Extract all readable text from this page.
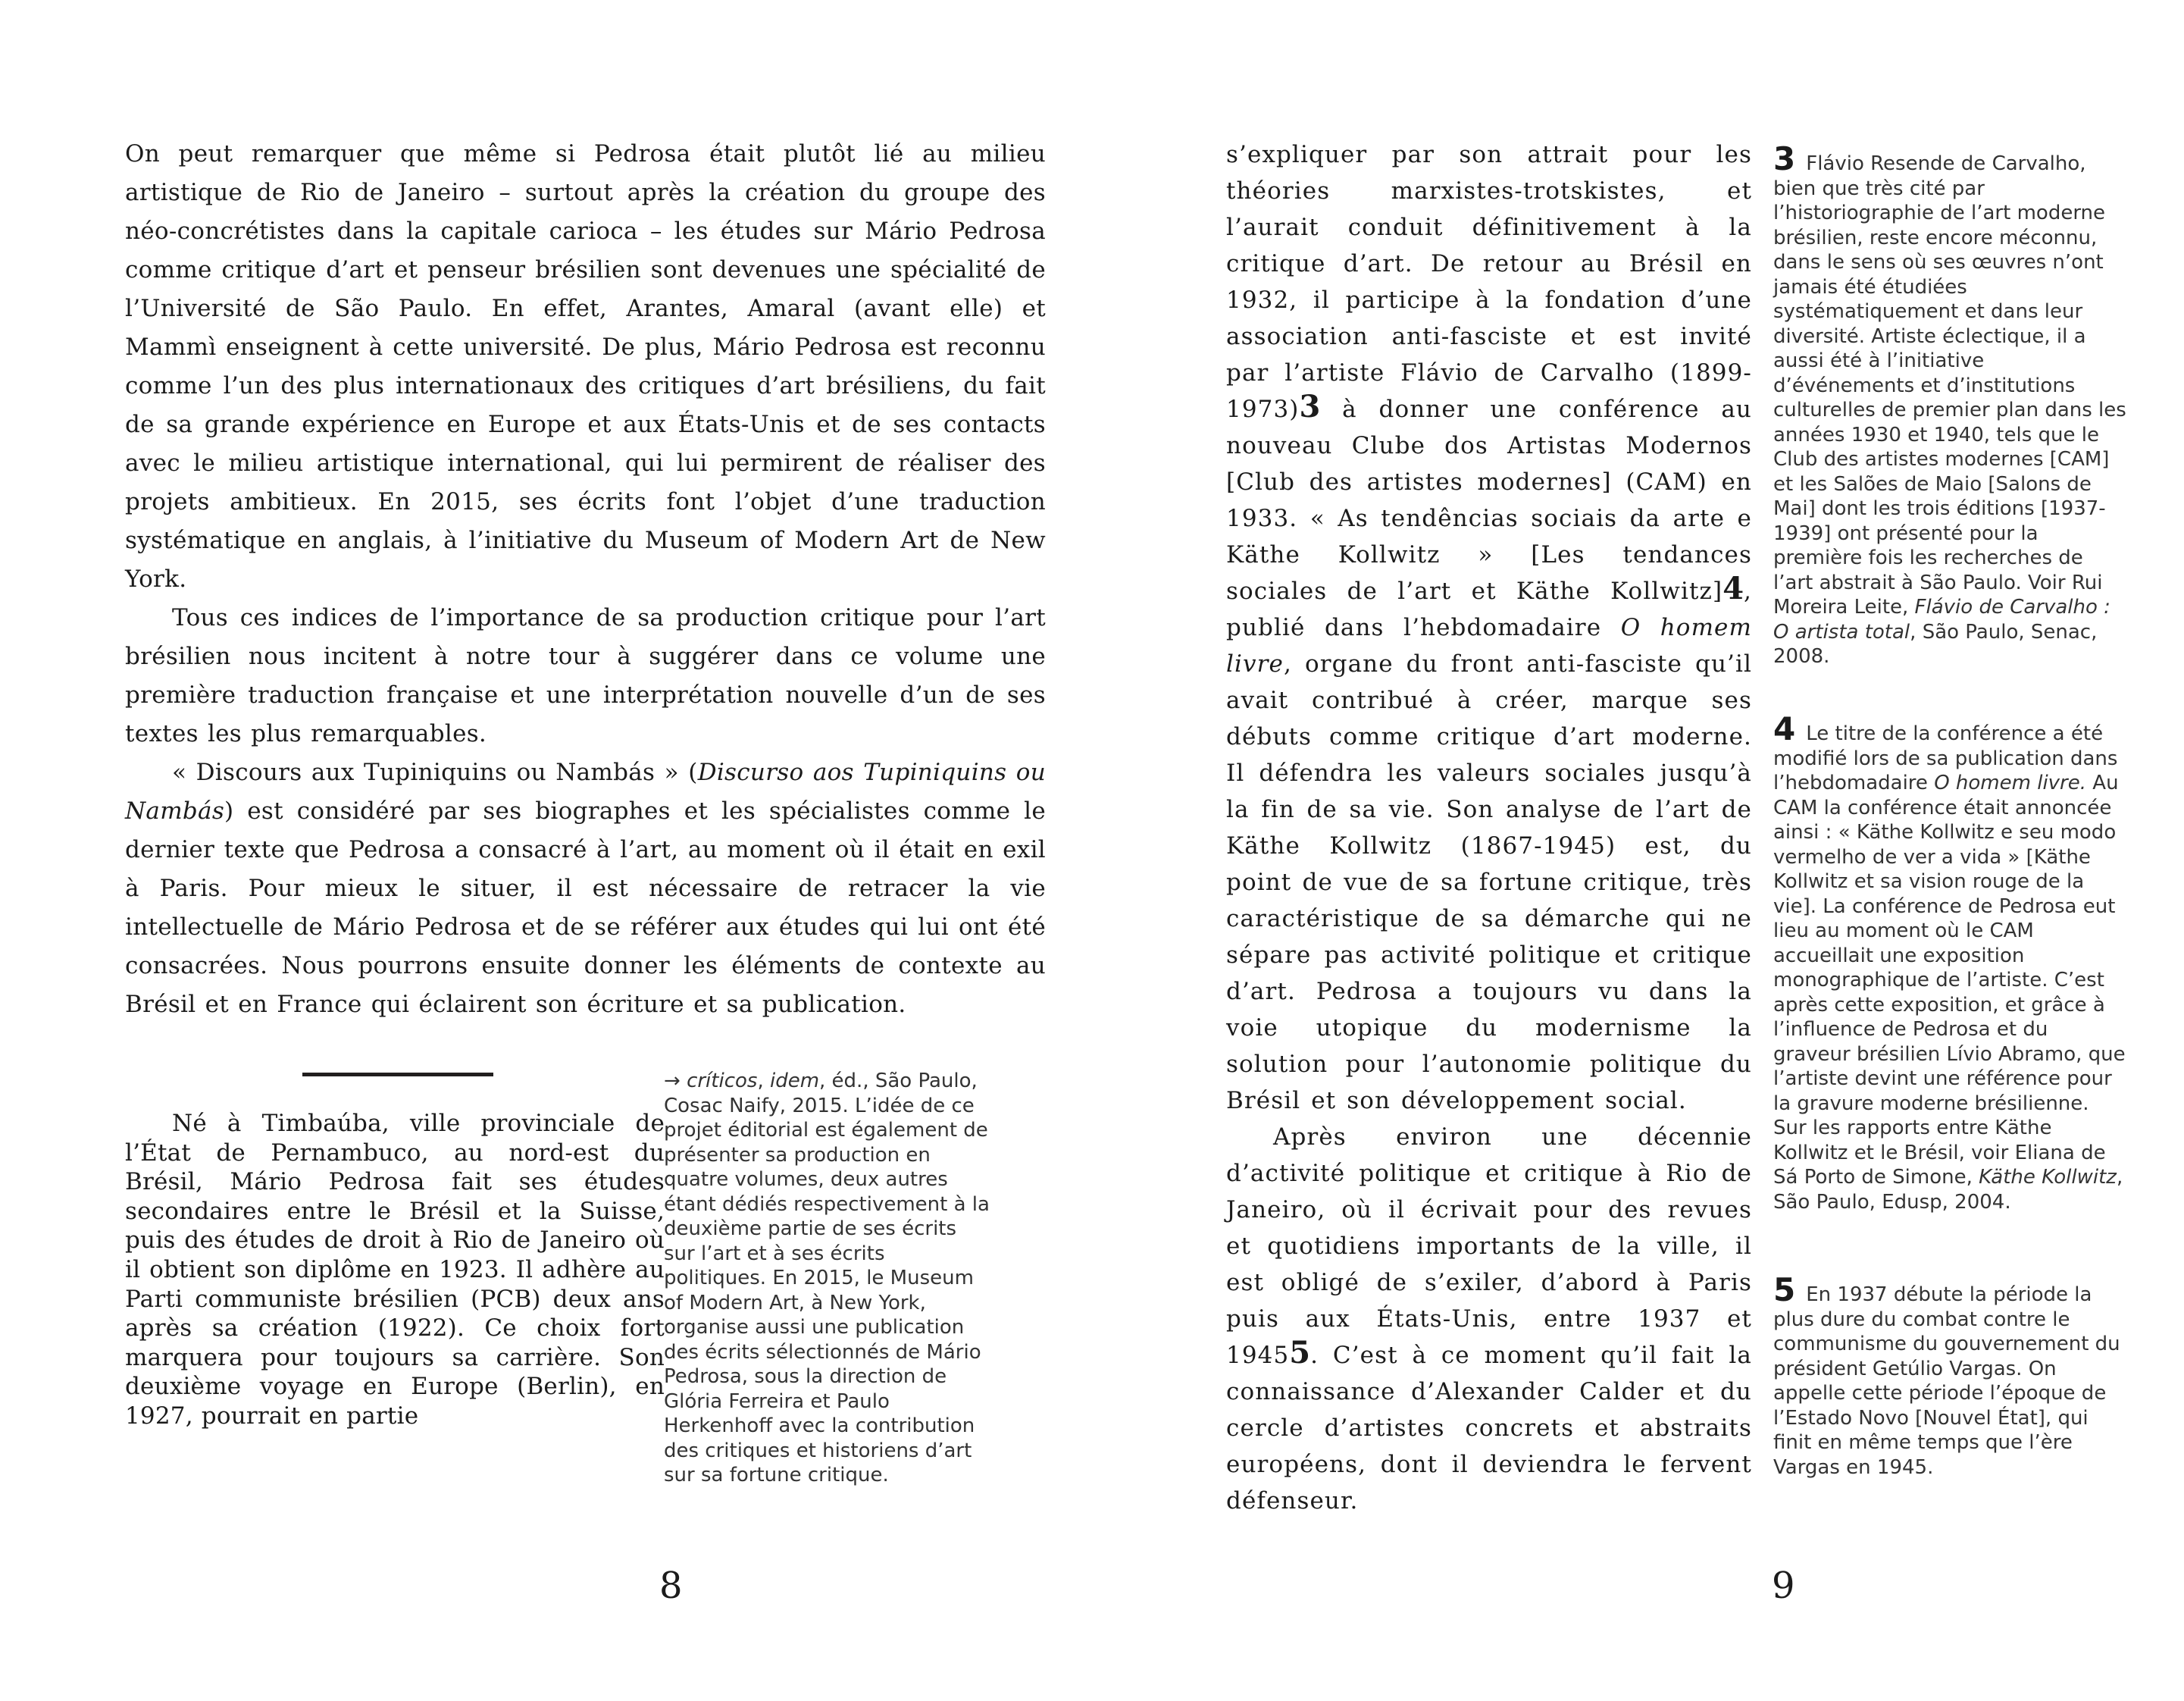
On peut remarquer que même si Pedrosa était plutôt lié au milieu artistique de Rio de Janeiro – surtout après la création du groupe des néo-concrétistes dans la capitale carioca – les études sur Mário Pedrosa comme critique d’art et penseur brésilien sont devenues une spécialité de l’Université de São Paulo. En effet, Arantes, Amaral (avant elle) et Mammì enseignent à cette université. De plus, Mário Pedrosa est reconnu comme l’un des plus internationaux des critiques d’art brésiliens, du fait de sa grande expérience en Europe et aux États-Unis et de ses contacts avec le milieu artistique international, qui lui permirent de réaliser des projets ambitieux. En 2015, ses écrits font l’objet d’une traduction systématique en anglais, à l’initiative du Museum of Modern Art de New York.

Tous ces indices de l’importance de sa production critique pour l’art brésilien nous incitent à notre tour à suggérer dans ce volume une première traduction française et une interprétation nouvelle d’un de ses textes les plus remarquables.

« Discours aux Tupiniquins ou Nambás » (Discurso aos Tupiniquins ou Nambás) est considéré par ses biographes et les spécialistes comme le dernier texte que Pedrosa a consacré à l’art, au moment où il était en exil à Paris. Pour mieux le situer, il est nécessaire de retracer la vie intellectuelle de Mário Pedrosa et de se référer aux études qui lui ont été consacrées. Nous pourrons ensuite donner les éléments de contexte au Brésil et en France qui éclairent son écriture et sa publication.

Né à Timbaúba, ville provinciale de l’État de Pernambuco, au nord-est du Brésil, Mário Pedrosa fait ses études secondaires entre le Brésil et la Suisse, puis des études de droit à Rio de Janeiro où il obtient son diplôme en 1923. Il adhère au Parti communiste brésilien (PCB) deux ans après sa création (1922). Ce choix fort marquera pour toujours sa carrière. Son deuxième voyage en Europe (Berlin), en 1927, pourrait en partie

→ críticos, idem, éd., São Paulo, Cosac Naify, 2015. L’idée de ce projet éditorial est également de présenter sa production en quatre volumes, deux autres étant dédiés respectivement à la deuxième partie de ses écrits sur l’art et à ses écrits politiques. En 2015, le Museum of Modern Art, à New York, organise aussi une publication des écrits sélectionnés de Mário Pedrosa, sous la direction de Glória Ferreira et Paulo Herkenhoff avec la contribution des critiques et historiens d’art sur sa fortune critique.

8

s’expliquer par son attrait pour les théories marxistes-trotskistes, et l’aurait conduit définitivement à la critique d’art. De retour au Brésil en 1932, il participe à la fondation d’une association anti-fasciste et est invité par l’artiste Flávio de Carvalho (1899-1973)3 à donner une conférence au nouveau Clube dos Artistas Modernos [Club des artistes modernes] (CAM) en 1933. « As tendências sociais da arte e Käthe Kollwitz » [Les tendances sociales de l’art et Käthe Kollwitz]4, publié dans l’hebdomadaire O homem livre, organe du front anti-fasciste qu’il avait contribué à créer, marque ses débuts comme critique d’art moderne. Il défendra les valeurs sociales jusqu’à la fin de sa vie. Son analyse de l’art de Käthe Kollwitz (1867-1945) est, du point de vue de sa fortune critique, très caractéristique de sa démarche qui ne sépare pas activité politique et critique d’art. Pedrosa a toujours vu dans la voie utopique du modernisme la solution pour l’autonomie politique du Brésil et son développement social.

Après environ une décennie d’activité politique et critique à Rio de Janeiro, où il écrivait pour des revues et quotidiens importants de la ville, il est obligé de s’exiler, d’abord à Paris puis aux États-Unis, entre 1937 et 19455. C’est à ce moment qu’il fait la connaissance d’Alexander Calder et du cercle d’artistes concrets et abstraits européens, dont il deviendra le fervent défenseur.

3 Flávio Resende de Carvalho, bien que très cité par l’historiographie de l’art moderne brésilien, reste encore méconnu, dans le sens où ses œuvres n’ont jamais été étudiées systématiquement et dans leur diversité. Artiste éclectique, il a aussi été à l’initiative d’événements et d’institutions culturelles de premier plan dans les années 1930 et 1940, tels que le Club des artistes modernes [CAM] et les Salões de Maio [Salons de Mai] dont les trois éditions [1937-1939] ont présenté pour la première fois les recherches de l’art abstrait à São Paulo. Voir Rui Moreira Leite, Flávio de Carvalho : O artista total, São Paulo, Senac, 2008.

4 Le titre de la conférence a été modifié lors de sa publication dans l’hebdomadaire O homem livre. Au CAM la conférence était annoncée ainsi : « Käthe Kollwitz e seu modo vermelho de ver a vida » [Käthe Kollwitz et sa vision rouge de la vie]. La conférence de Pedrosa eut lieu au moment où le CAM accueillait une exposition monographique de l’artiste. C’est après cette exposition, et grâce à l’influence de Pedrosa et du graveur brésilien Lívio Abramo, que l’artiste devint une référence pour la gravure moderne brésilienne. Sur les rapports entre Käthe Kollwitz et le Brésil, voir Eliana de Sá Porto de Simone, Käthe Kollwitz, São Paulo, Edusp, 2004.

5 En 1937 débute la période la plus dure du combat contre le communisme du gouvernement du président Getúlio Vargas. On appelle cette période l’époque de l’Estado Novo [Nouvel État], qui finit en même temps que l’ère Vargas en 1945.

9
